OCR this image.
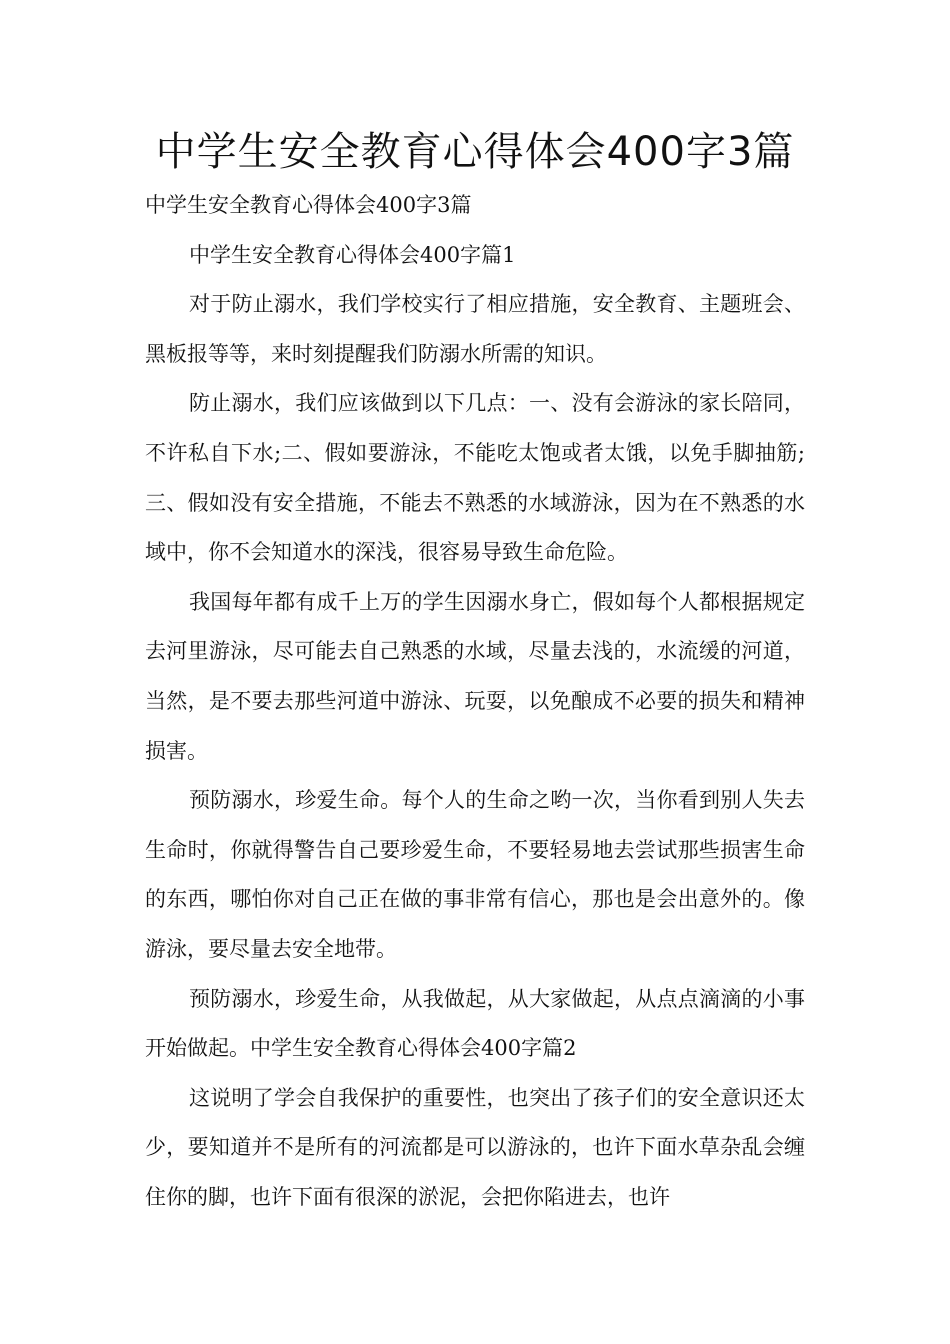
中学生安全教育心得体会400字3篇

中学生安全教育心得体会400字3篇

中学生安全教育心得体会400字篇1

对于防止溺水，我们学校实行了相应措施，安全教育、主题班会、黑板报等等，来时刻提醒我们防溺水所需的知识。

防止溺水，我们应该做到以下几点：一、没有会游泳的家长陪同，不许私自下水;二、假如要游泳，不能吃太饱或者太饿，以免手脚抽筋;三、假如没有安全措施，不能去不熟悉的水域游泳，因为在不熟悉的水域中，你不会知道水的深浅，很容易导致生命危险。

我国每年都有成千上万的学生因溺水身亡，假如每个人都根据规定去河里游泳，尽可能去自己熟悉的水域，尽量去浅的，水流缓的河道，当然，是不要去那些河道中游泳、玩耍，以免酿成不必要的损失和精神损害。

预防溺水，珍爱生命。每个人的生命之哟一次，当你看到别人失去生命时，你就得警告自己要珍爱生命，不要轻易地去尝试那些损害生命的东西，哪怕你对自己正在做的事非常有信心，那也是会出意外的。像游泳，要尽量去安全地带。

预防溺水，珍爱生命，从我做起，从大家做起，从点点滴滴的小事开始做起。中学生安全教育心得体会400字篇2

这说明了学会自我保护的重要性，也突出了孩子们的安全意识还太少，要知道并不是所有的河流都是可以游泳的，也许下面水草杂乱会缠住你的脚，也许下面有很深的淤泥，会把你陷进去，也许
